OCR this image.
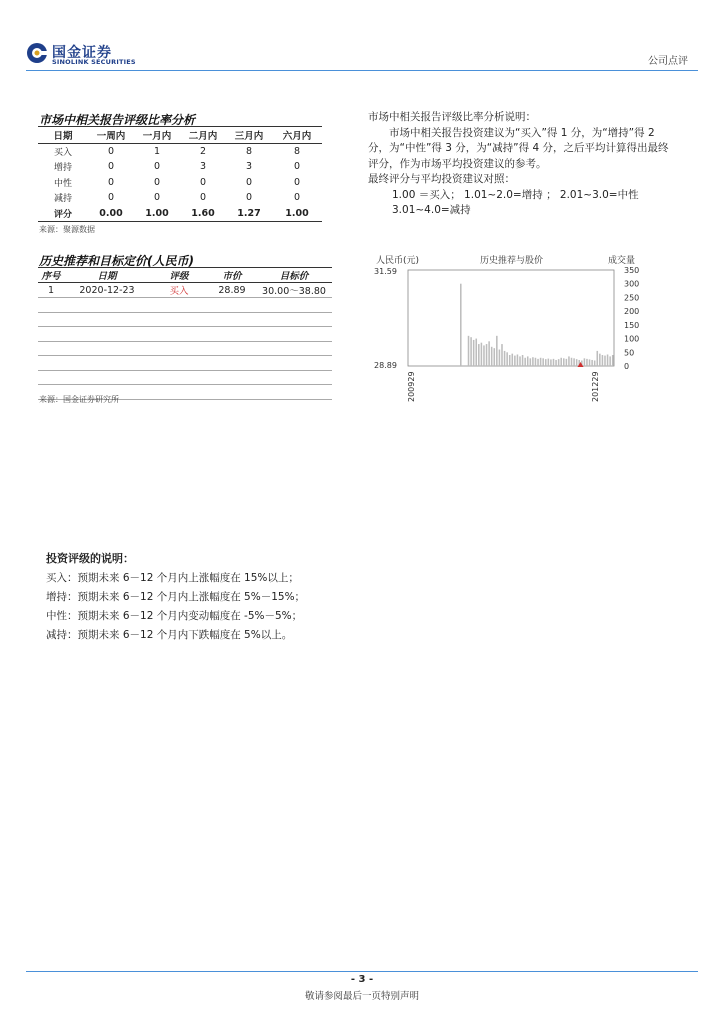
国金证券
SINOLINK SECURITIES	公司点评
市场中相关报告评级比率分析
日期	一周内	一月内	二月内	三月内	六月内
买入	0	1	2	8	8
增持	0	0	3	3	0
中性	0	0	0	0	0
减持	0	0	0	0	0
评分	0.00	1.00	1.60	1.27	1.00
来源：聚源数据
市场中相关报告评级比率分析说明：
市场中相关报告投资建议为“买入”得 1 分，为“增持”得 2 分，为“中性”得 3 分，为“减持”得 4 分，之后平均计算得出最终评分，作为市场平均投资建议的参考。
最终评分与平均投资建议对照：
1.00 ＝买入； 1.01~2.0=增持 ； 2.01~3.0=中性
3.01~4.0=减持
历史推荐和目标定价(人民币)
序号	日期	评级	市价	目标价
1	2020-12-23	买入	28.89	30.00～38.80

来源：国金证券研究所
人民币(元)	历史推荐与股价	成交量
31.59
28.89	0
50
100
150
200
250
300
350
200929	201229
投资评级的说明：
买入：预期未来 6－12 个月内上涨幅度在 15%以上；
增持：预期未来 6－12 个月内上涨幅度在 5%－15%；
中性：预期未来 6－12 个月内变动幅度在 -5%－5%；
减持：预期未来 6－12 个月内下跌幅度在 5%以上。
- 3 -
敬请参阅最后一页特别声明
